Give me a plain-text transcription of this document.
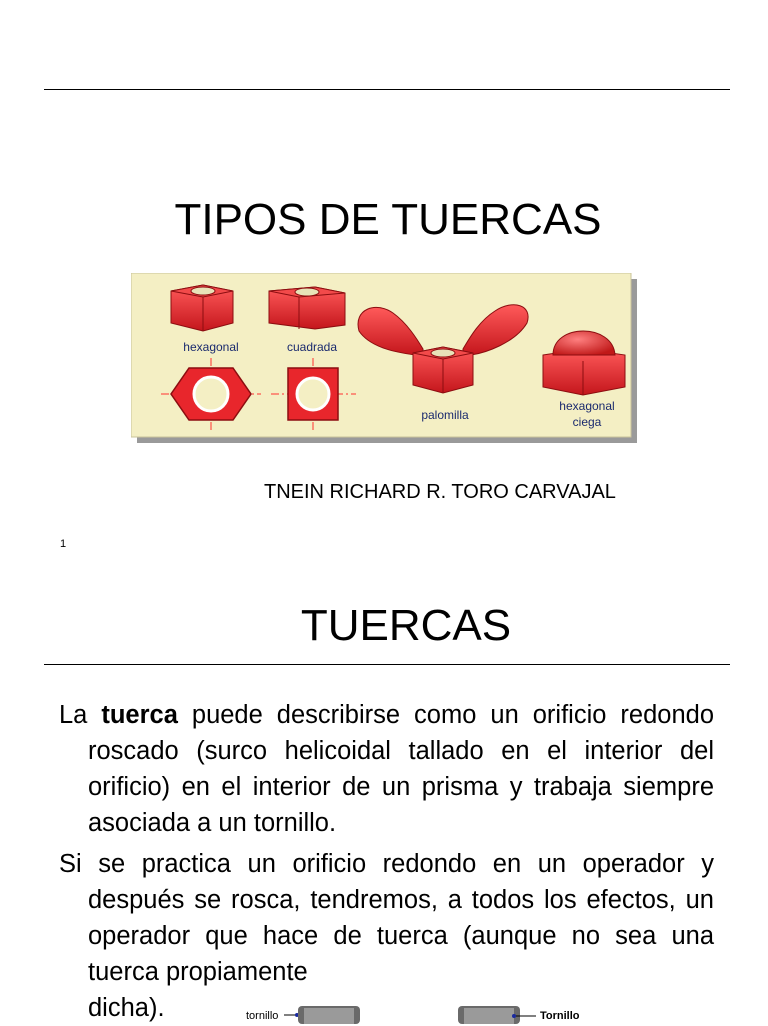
TIPOS DE TUERCAS
hexagonal	cuadrada
palomilla
hexagonal
ciega
TNEIN RICHARD R. TORO CARVAJAL
1
TUERCAS
La tuerca puede describirse como un orificio redondo roscado (surco helicoidal tallado en el interior del orificio) en el interior de un prisma y trabaja siempre asociada a un tornillo.
Si se practica un orificio redondo en un operador y después se rosca, tendremos, a todos los efectos, un operador que hace de tuerca (aunque no sea una tuerca propiamente
dicha).	tornillo	Tornillo
